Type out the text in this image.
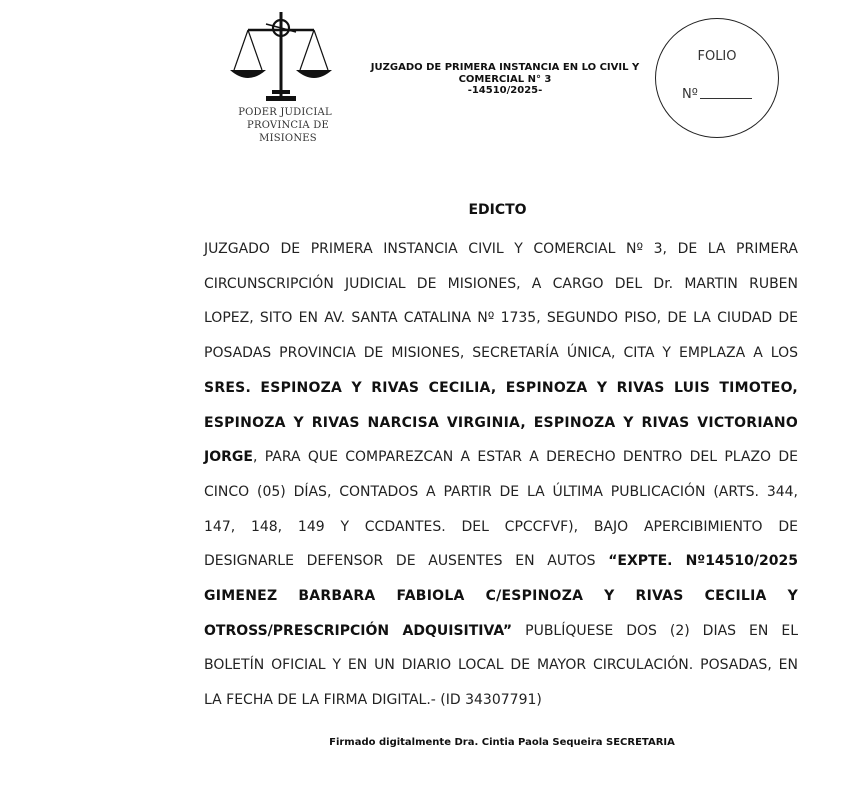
PODER JUDICIAL
PROVINCIA DE MISIONES
JUZGADO DE PRIMERA INSTANCIA EN LO CIVIL Y
COMERCIAL N° 3
-14510/2025-
FOLIO
Nº
EDICTO
JUZGADO DE PRIMERA INSTANCIA CIVIL Y COMERCIAL Nº 3, DE LA PRIMERA
CIRCUNSCRIPCIÓN JUDICIAL DE MISIONES, A CARGO DEL Dr. MARTIN RUBEN
LOPEZ, SITO EN AV. SANTA CATALINA Nº 1735, SEGUNDO PISO, DE LA CIUDAD DE
POSADAS PROVINCIA DE MISIONES, SECRETARÍA ÚNICA, CITA Y EMPLAZA A LOS
SRES. ESPINOZA Y RIVAS CECILIA, ESPINOZA Y RIVAS LUIS TIMOTEO,
ESPINOZA Y RIVAS NARCISA VIRGINIA, ESPINOZA Y RIVAS VICTORIANO
JORGE, PARA QUE COMPAREZCAN A ESTAR A DERECHO DENTRO DEL PLAZO DE
CINCO (05) DÍAS, CONTADOS A PARTIR DE LA ÚLTIMA PUBLICACIÓN (ARTS. 344,
147, 148, 149 Y CCDANTES. DEL CPCCFVF), BAJO APERCIBIMIENTO DE
DESIGNARLE DEFENSOR DE AUSENTES EN AUTOS “EXPTE. Nº14510/2025
GIMENEZ BARBARA FABIOLA C/ESPINOZA Y RIVAS CECILIA Y
OTROSS/PRESCRIPCIÓN ADQUISITIVA” PUBLÍQUESE DOS (2) DIAS EN EL
BOLETÍN OFICIAL Y EN UN DIARIO LOCAL DE MAYOR CIRCULACIÓN. POSADAS, EN
LA FECHA DE LA FIRMA DIGITAL.- (ID 34307791)
Firmado digitalmente Dra. Cintia Paola Sequeira SECRETARIA
